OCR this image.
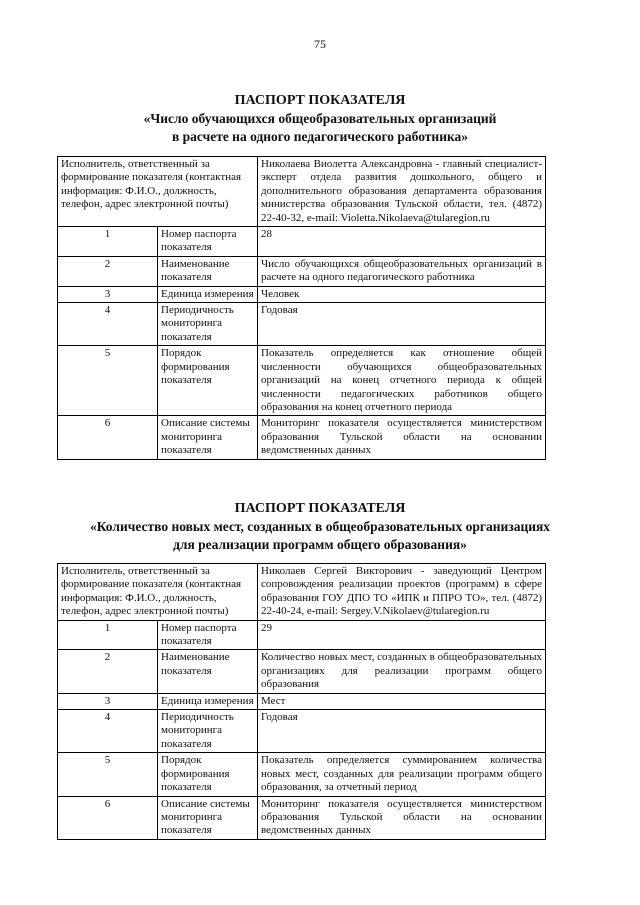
75
ПАСПОРТ ПОКАЗАТЕЛЯ
«Число обучающихся общеобразовательных организаций
в расчете на одного педагогического работника»
Исполнитель, ответственный за формирование показателя (контактная информация: Ф.И.О., должность, телефон, адрес электронной почты)		Николаева Виолетта Александровна - главный специалист-эксперт отдела развития дошкольного, общего и дополнительного образования департамента образования министерства образования Тульской области, тел. (4872) 22-40-32, e-mail: Violetta.Nikolaeva@tularegion.ru
1	Номер паспорта показателя	28
2	Наименование показателя	Число обучающихся общеобразовательных организаций в расчете на одного педагогического работника
3	Единица измерения	Человек
4	Периодичность мониторинга показателя	Годовая
5	Порядок формирования показателя	Показатель определяется как отношение общей численности обучающихся общеобразовательных организаций на конец отчетного периода к общей численности педагогических работников общего образования на конец отчетного периода
6	Описание системы мониторинга показателя	Мониторинг показателя осуществляется министерством образования Тульской области на основании ведомственных данных
ПАСПОРТ ПОКАЗАТЕЛЯ
«Количество новых мест, созданных в общеобразовательных организациях
для реализации программ общего образования»
Исполнитель, ответственный за формирование показателя (контактная информация: Ф.И.О., должность, телефон, адрес электронной почты)		Николаев Сергей Викторович - заведующий Центром сопровождения реализации проектов (программ) в сфере образования ГОУ ДПО ТО «ИПК и ППРО ТО», тел. (4872) 22-40-24, e-mail: Sergey.V.Nikolaev@tularegion.ru
1	Номер паспорта показателя	29
2	Наименование показателя	Количество новых мест, созданных в общеобразовательных организациях для реализации программ общего образования
3	Единица измерения	Мест
4	Периодичность мониторинга показателя	Годовая
5	Порядок формирования показателя	Показатель определяется суммированием количества новых мест, созданных для реализации программ общего образования, за отчетный период
6	Описание системы мониторинга показателя	Мониторинг показателя осуществляется министерством образования Тульской области на основании ведомственных данных
